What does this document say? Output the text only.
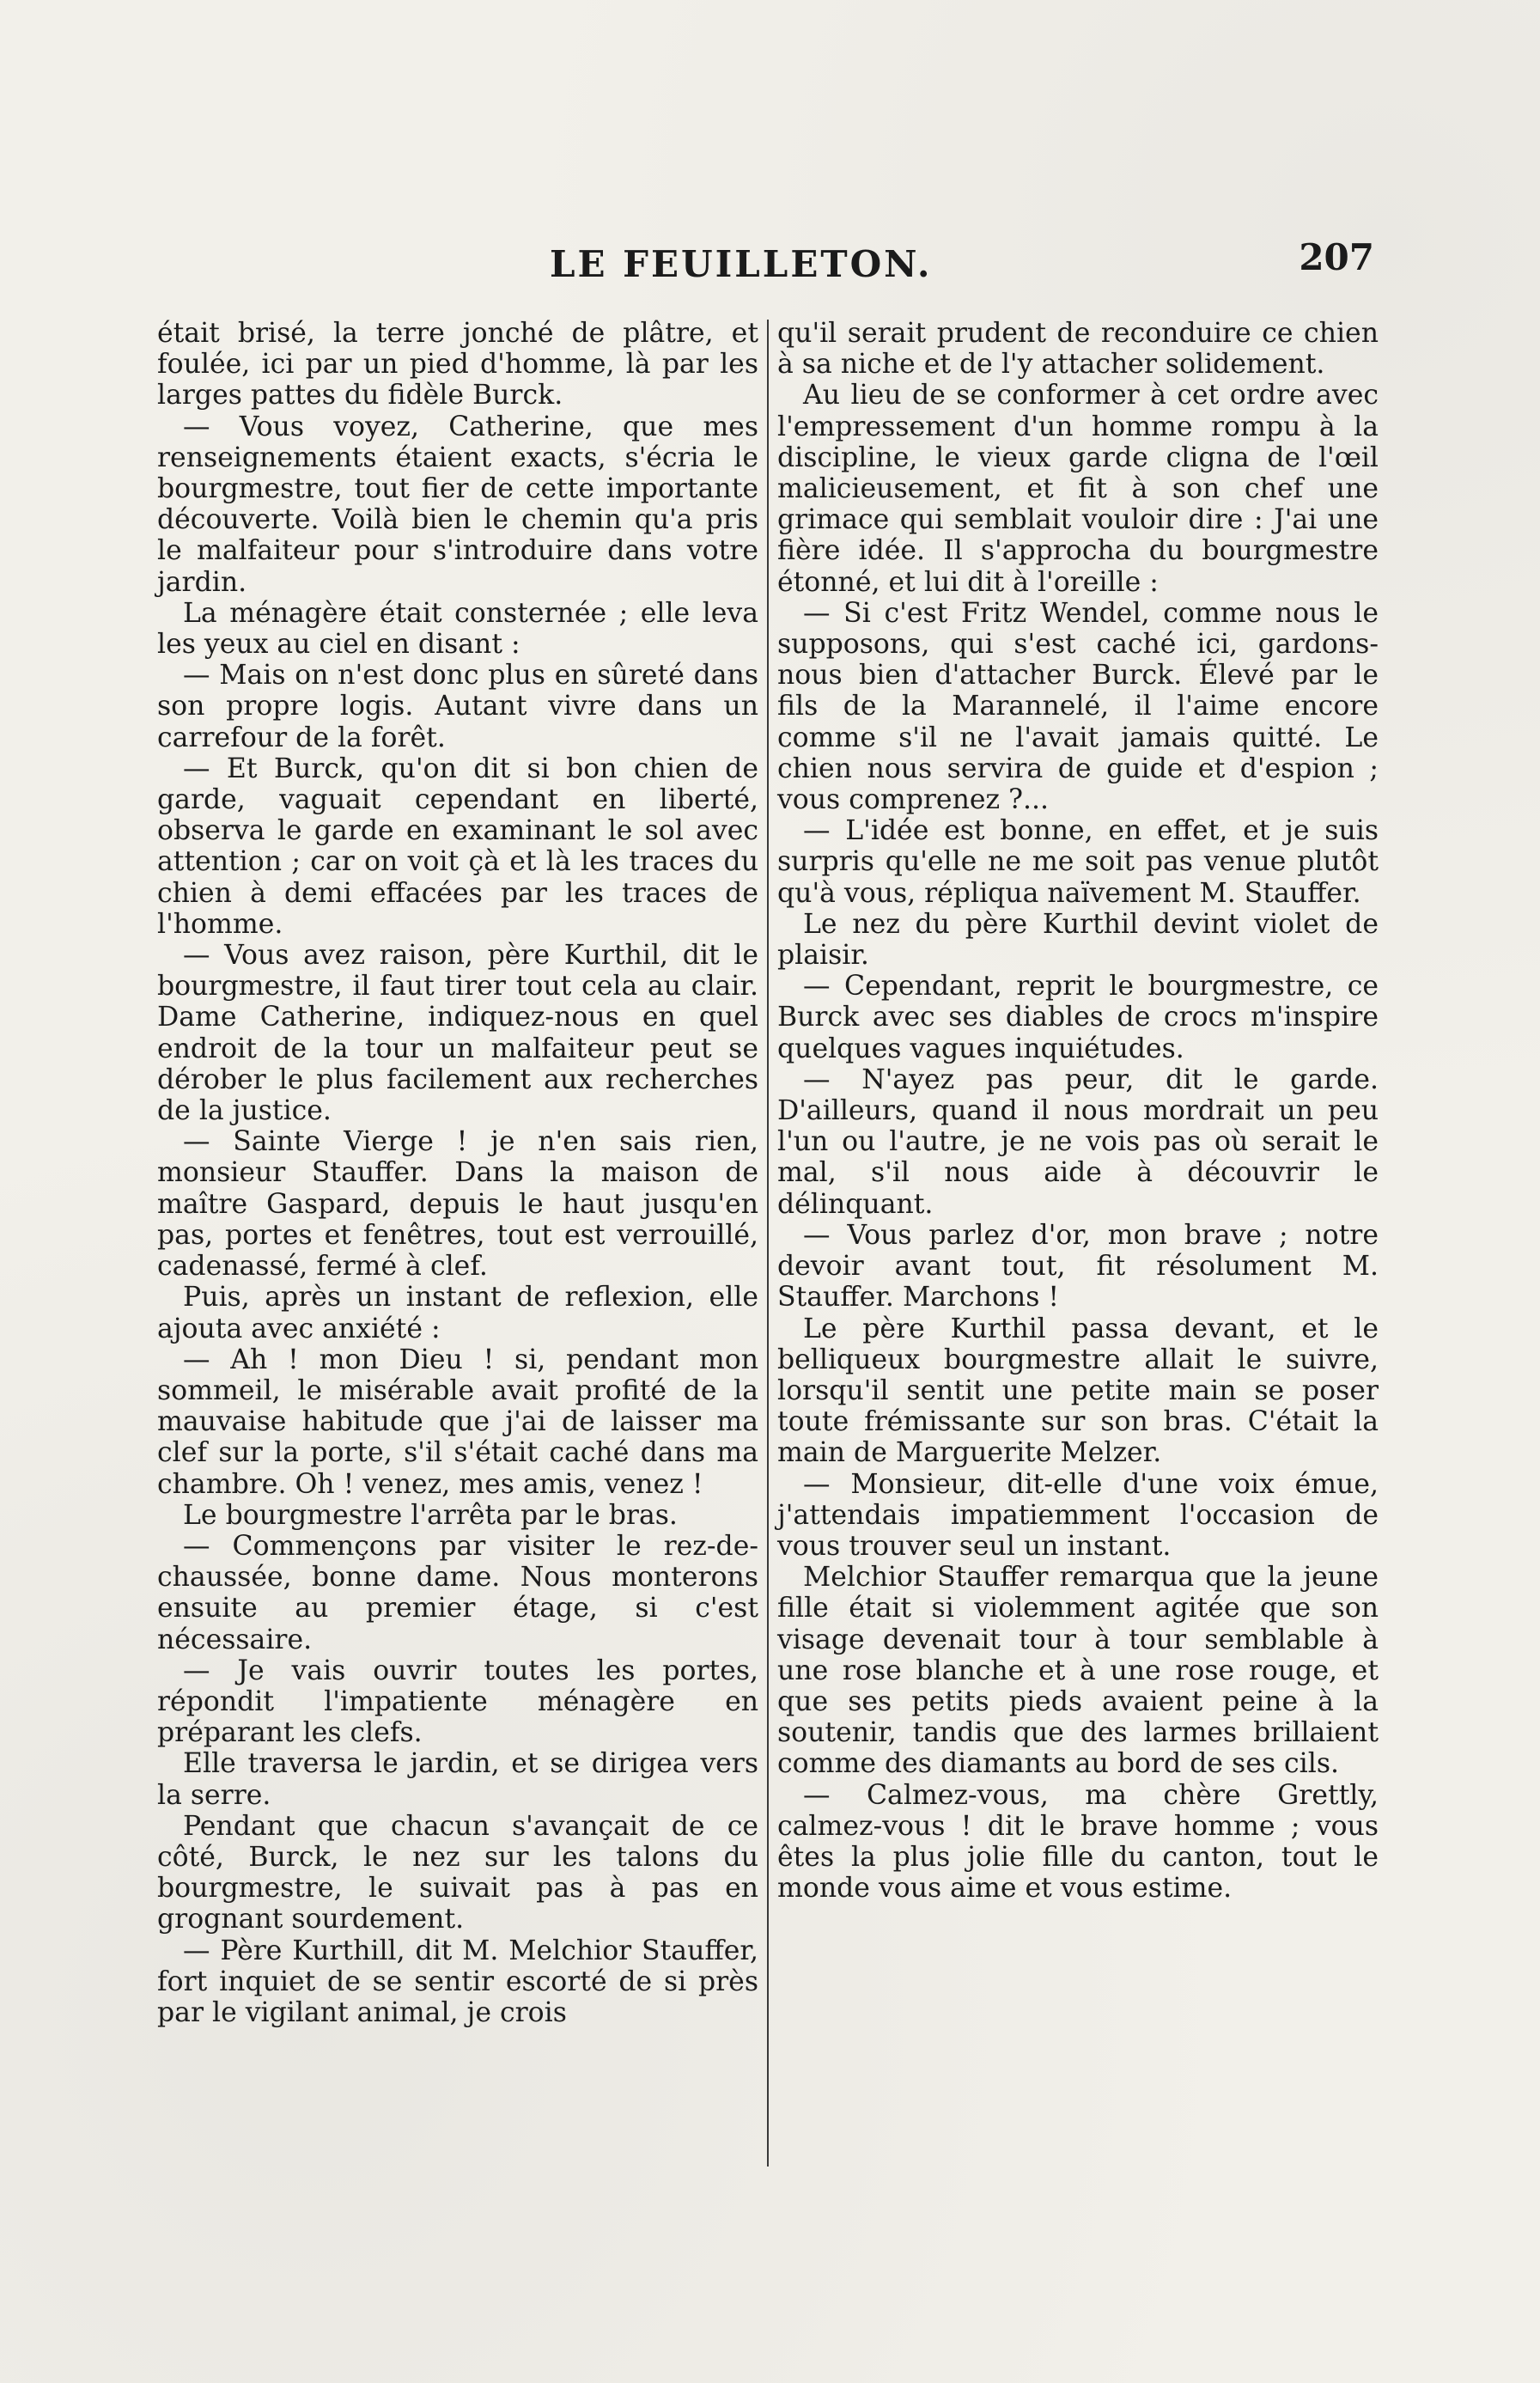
LE FEUILLETON.	207

était brisé, la terre jonché de plâtre, et foulée, ici par un pied d'homme, là par les larges pattes du fidèle Burck.

— Vous voyez, Catherine, que mes renseignements étaient exacts, s'écria le bourgmestre, tout fier de cette importante découverte. Voilà bien le chemin qu'a pris le malfaiteur pour s'introduire dans votre jardin.

La ménagère était consternée ; elle leva les yeux au ciel en disant :

— Mais on n'est donc plus en sûreté dans son propre logis. Autant vivre dans un carrefour de la forêt.

— Et Burck, qu'on dit si bon chien de garde, vaguait cependant en liberté, observa le garde en examinant le sol avec attention ; car on voit çà et là les traces du chien à demi effacées par les traces de l'homme.

— Vous avez raison, père Kurthil, dit le bourgmestre, il faut tirer tout cela au clair. Dame Catherine, indiquez-nous en quel endroit de la tour un malfaiteur peut se dérober le plus facilement aux recherches de la justice.

— Sainte Vierge ! je n'en sais rien, monsieur Stauffer. Dans la maison de maître Gaspard, depuis le haut jusqu'en pas, portes et fenêtres, tout est verrouillé, cadenassé, fermé à clef.

Puis, après un instant de reflexion, elle ajouta avec anxiété :

— Ah ! mon Dieu ! si, pendant mon sommeil, le misérable avait profité de la mauvaise habitude que j'ai de laisser ma clef sur la porte, s'il s'était caché dans ma chambre. Oh ! venez, mes amis, venez !

Le bourgmestre l'arrêta par le bras.

— Commençons par visiter le rez-de-chaussée, bonne dame. Nous monterons ensuite au premier étage, si c'est nécessaire.

— Je vais ouvrir toutes les portes, répondit l'impatiente ménagère en préparant les clefs.

Elle traversa le jardin, et se dirigea vers la serre.

Pendant que chacun s'avançait de ce côté, Burck, le nez sur les talons du bourgmestre, le suivait pas à pas en grognant sourdement.

— Père Kurthill, dit M. Melchior Stauffer, fort inquiet de se sentir escorté de si près par le vigilant animal, je crois

qu'il serait prudent de reconduire ce chien à sa niche et de l'y attacher solidement.

Au lieu de se conformer à cet ordre avec l'empressement d'un homme rompu à la discipline, le vieux garde cligna de l'œil malicieusement, et fit à son chef une grimace qui semblait vouloir dire : J'ai une fière idée. Il s'approcha du bourgmestre étonné, et lui dit à l'oreille :

— Si c'est Fritz Wendel, comme nous le supposons, qui s'est caché ici, gardons-nous bien d'attacher Burck. Élevé par le fils de la Marannelé, il l'aime encore comme s'il ne l'avait jamais quitté. Le chien nous servira de guide et d'espion ; vous comprenez ?...

— L'idée est bonne, en effet, et je suis surpris qu'elle ne me soit pas venue plutôt qu'à vous, répliqua naïvement M. Stauffer.

Le nez du père Kurthil devint violet de plaisir.

— Cependant, reprit le bourgmestre, ce Burck avec ses diables de crocs m'inspire quelques vagues inquiétudes.

— N'ayez pas peur, dit le garde. D'ailleurs, quand il nous mordrait un peu l'un ou l'autre, je ne vois pas où serait le mal, s'il nous aide à découvrir le délinquant.

— Vous parlez d'or, mon brave ; notre devoir avant tout, fit résolument M. Stauffer. Marchons !

Le père Kurthil passa devant, et le belliqueux bourgmestre allait le suivre, lorsqu'il sentit une petite main se poser toute frémissante sur son bras. C'était la main de Marguerite Melzer.

— Monsieur, dit-elle d'une voix émue, j'attendais impatiemment l'occasion de vous trouver seul un instant.

Melchior Stauffer remarqua que la jeune fille était si violemment agitée que son visage devenait tour à tour semblable à une rose blanche et à une rose rouge, et que ses petits pieds avaient peine à la soutenir, tandis que des larmes brillaient comme des diamants au bord de ses cils.

— Calmez-vous, ma chère Grettly, calmez-vous ! dit le brave homme ; vous êtes la plus jolie fille du canton, tout le monde vous aime et vous estime.
